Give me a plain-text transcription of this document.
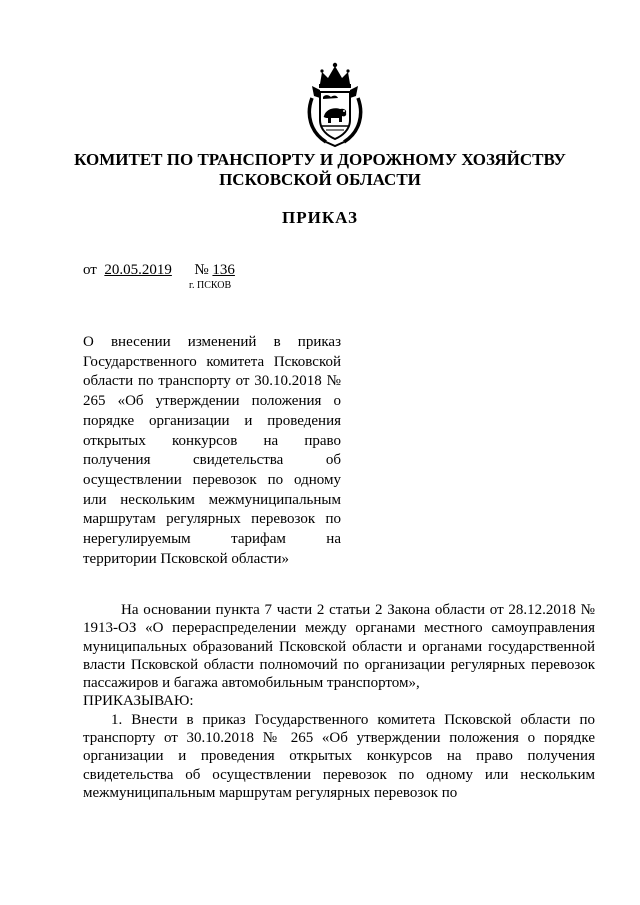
КОМИТЕТ ПО ТРАНСПОРТУ И ДОРОЖНОМУ ХОЗЯЙСТВУ
ПСКОВСКОЙ ОБЛАСТИ
ПРИКАЗ
от 20.05.2019 № 136
г. ПСКОВ
О внесении изменений в приказ Государственного комитета Псковской области по транспорту от 30.10.2018 № 265 «Об утверждении положения о порядке организации и проведения открытых конкурсов на право получения свидетельства об осуществлении перевозок по одному или нескольким межмуниципальным маршрутам регулярных перевозок по нерегулируемым тарифам на территории Псковской области»

На основании пункта 7 части 2 статьи 2 Закона области от 28.12.2018 № 1913-ОЗ «О перераспределении между органами местного самоуправления муниципальных образований Псковской области и органами государственной власти Псковской области полномочий по организации регулярных перевозок пассажиров и багажа автомобильным транспортом»,

ПРИКАЗЫВАЮ:

1. Внести в приказ Государственного комитета Псковской области по транспорту от 30.10.2018 № 265 «Об утверждении положения о порядке организации и проведения открытых конкурсов на право получения свидетельства об осуществлении перевозок по одному или нескольким межмуниципальным маршрутам регулярных перевозок по
